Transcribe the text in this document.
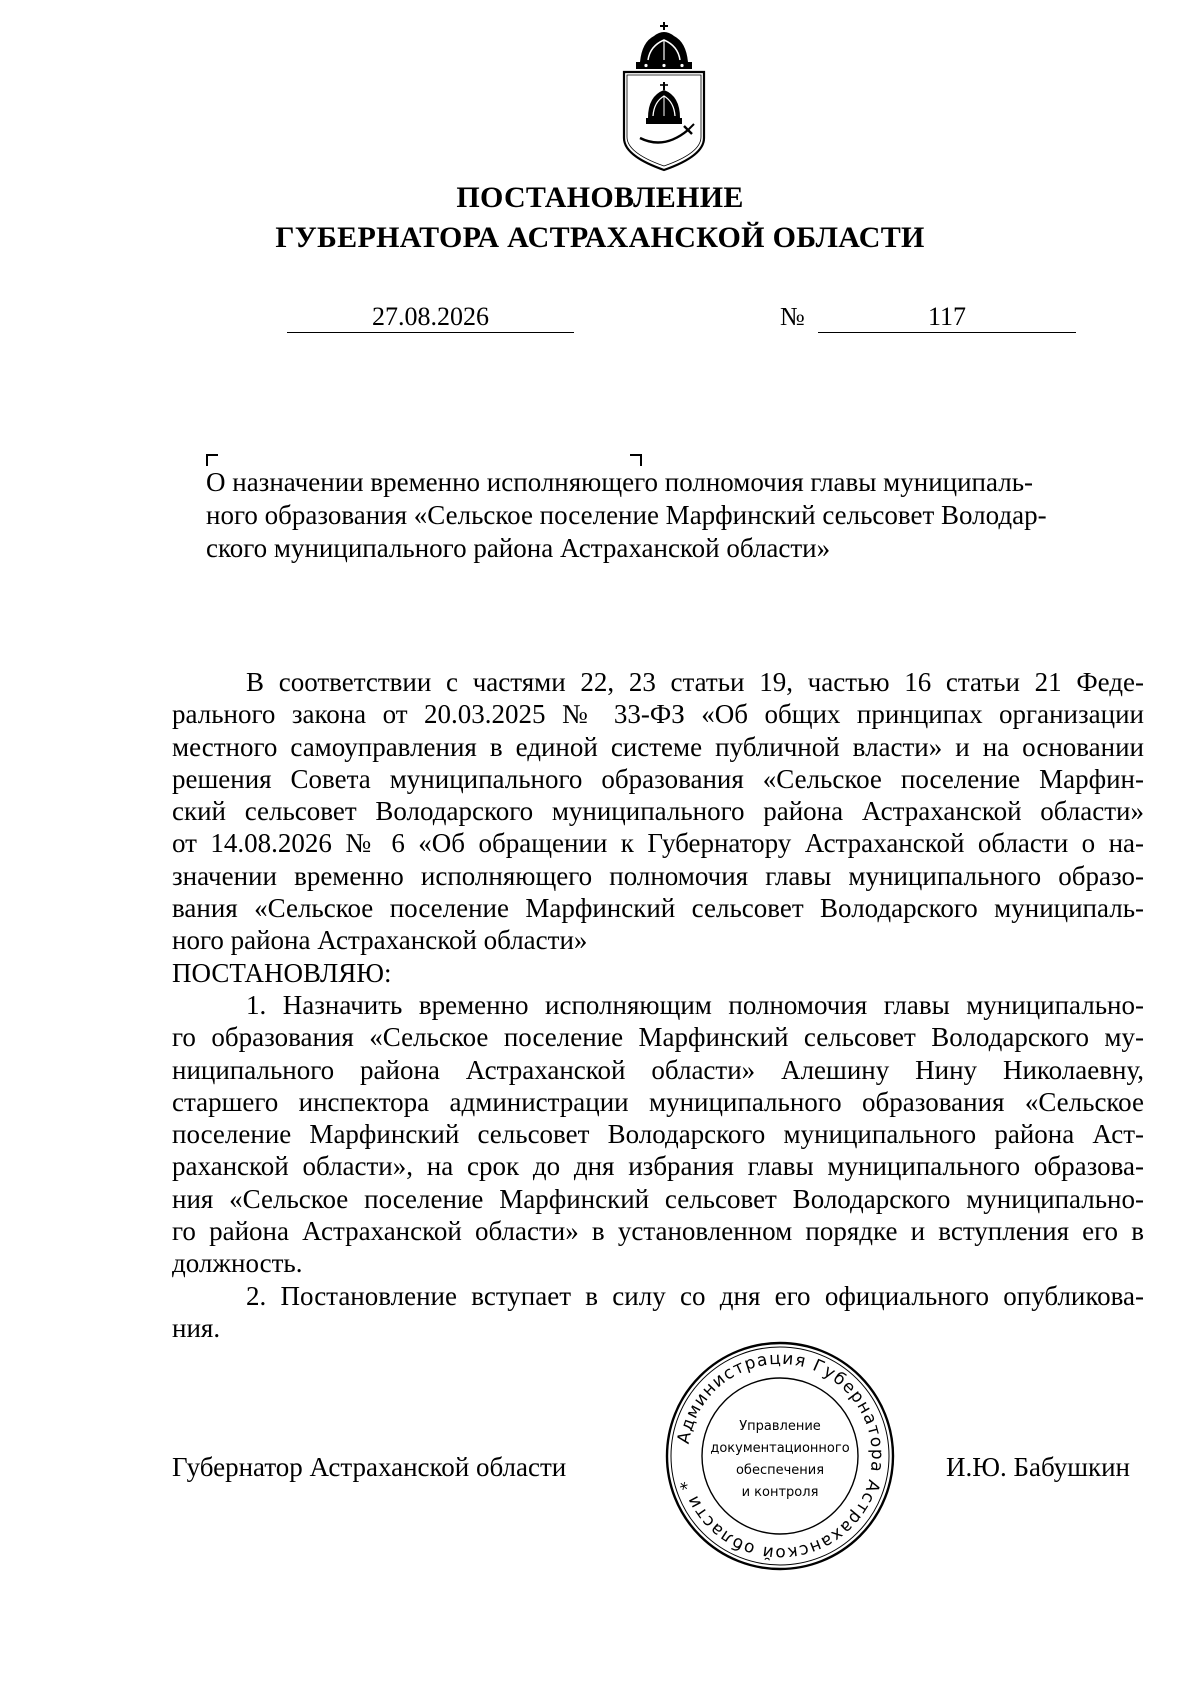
ПОСТАНОВЛЕНИЕ
ГУБЕРНАТОРА АСТРАХАНСКОЙ ОБЛАСТИ
27.08.2026	№	117
О назначении временно исполняющего полномочия главы муниципаль-
ного образования «Сельское поселение Марфинский сельсовет Володар-
ского муниципального района Астраханской области»
В соответствии с частями 22, 23 статьи 19, частью 16 статьи 21 Феде-
рального закона от 20.03.2025 № 33-ФЗ «Об общих принципах организации
местного самоуправления в единой системе публичной власти» и на основании
решения Совета муниципального образования «Сельское поселение Марфин-
ский сельсовет Володарского муниципального района Астраханской области»
от 14.08.2026 № 6 «Об обращении к Губернатору Астраханской области о на-
значении временно исполняющего полномочия главы муниципального образо-
вания «Сельское поселение Марфинский сельсовет Володарского муниципаль-
ного района Астраханской области»
ПОСТАНОВЛЯЮ:
1. Назначить временно исполняющим полномочия главы муниципально-
го образования «Сельское поселение Марфинский сельсовет Володарского му-
ниципального района Астраханской области» Алешину Нину Николаевну,
старшего инспектора администрации муниципального образования «Сельское
поселение Марфинский сельсовет Володарского муниципального района Аст-
раханской области», на срок до дня избрания главы муниципального образова-
ния «Сельское поселение Марфинский сельсовет Володарского муниципально-
го района Астраханской области» в установленном порядке и вступления его в
должность.
2. Постановление вступает в силу со дня его официального опубликова-
ния.
Губернатор Астраханской области	И.Ю. Бабушкин
Администрация Губернатора Астраханской области *
Управление
документационного
обеспечения
и контроля
